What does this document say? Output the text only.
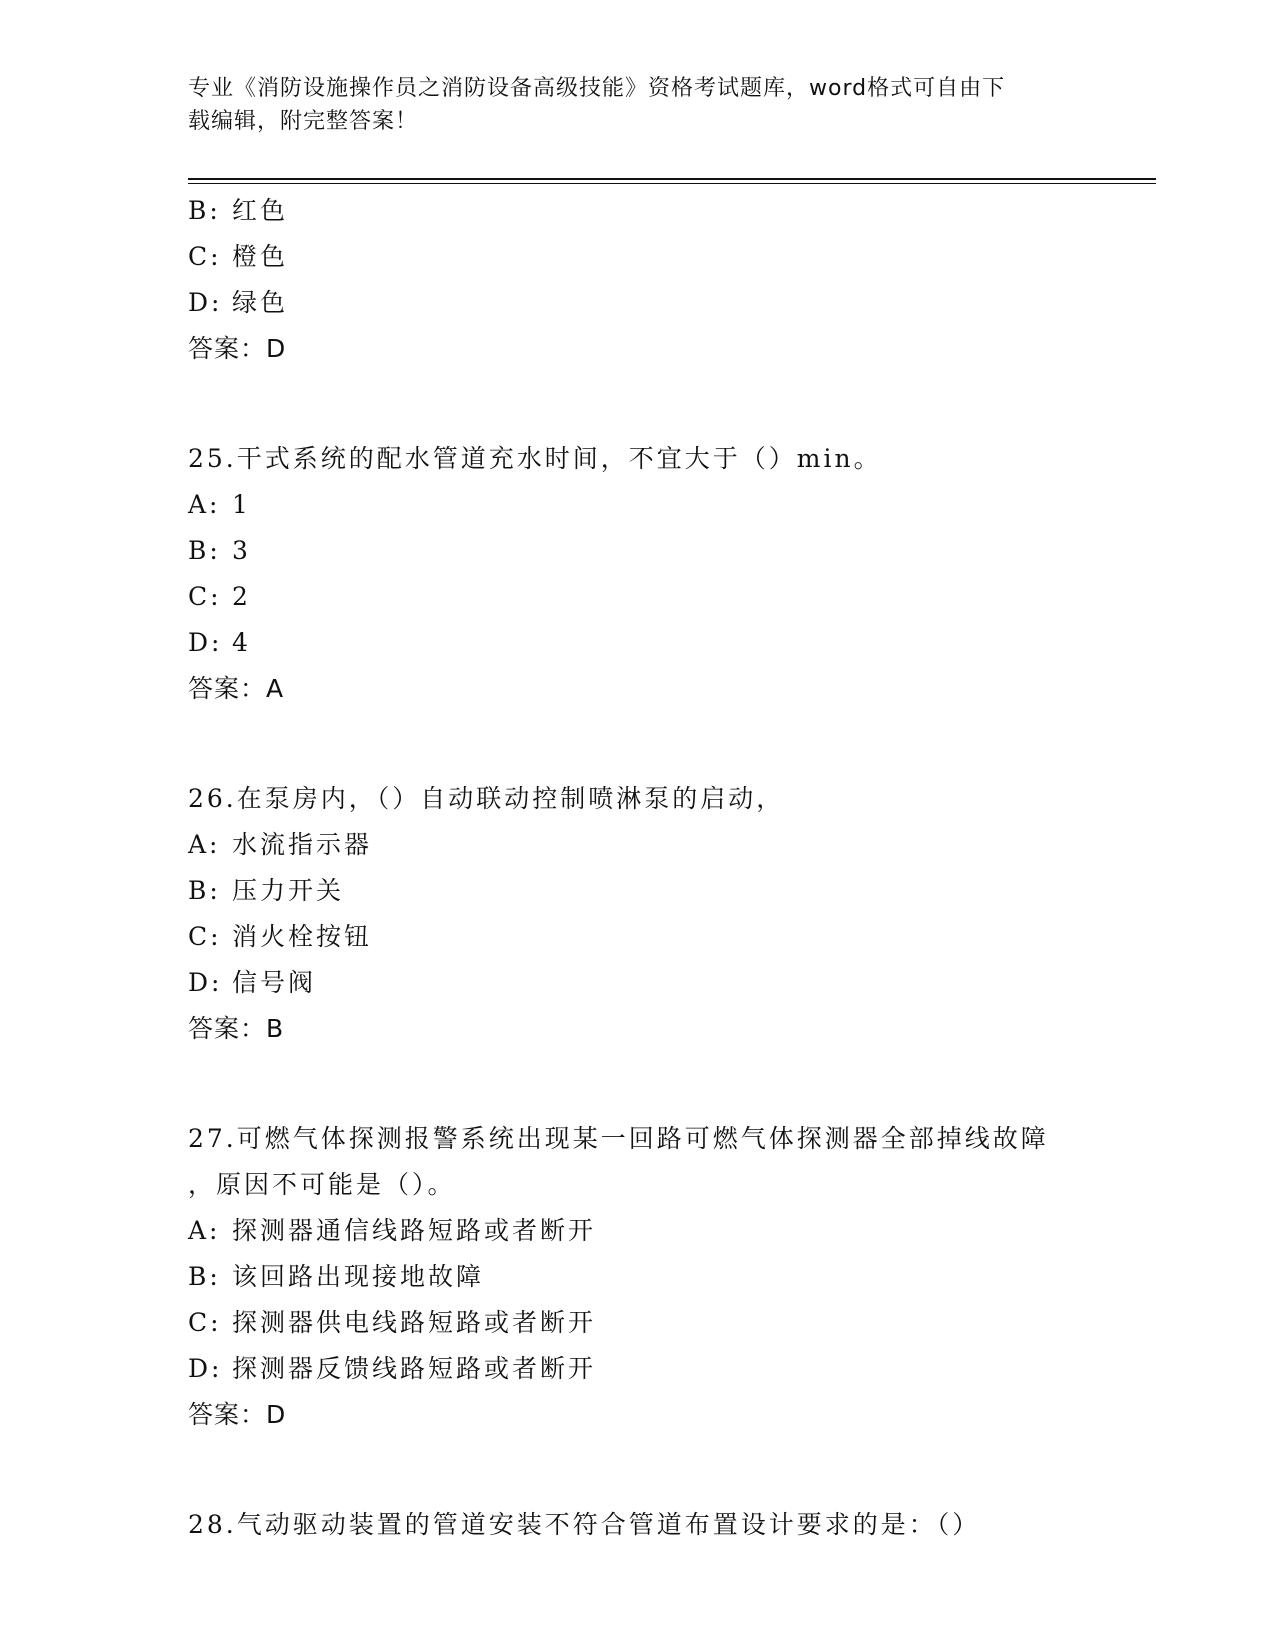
专业《消防设施操作员之消防设备高级技能》资格考试题库，word格式可自由下
载编辑，附完整答案！
B: 红色
C: 橙色
D: 绿色
答案：D
25.干式系统的配水管道充水时间，不宜大于（）min。
A: 1
B: 3
C: 2
D: 4
答案：A
26.在泵房内，（）自动联动控制喷淋泵的启动，
A: 水流指示器
B: 压力开关
C: 消火栓按钮
D: 信号阀
答案：B
27.可燃气体探测报警系统出现某一回路可燃气体探测器全部掉线故障
，原因不可能是（）。
A: 探测器通信线路短路或者断开
B: 该回路出现接地故障
C: 探测器供电线路短路或者断开
D: 探测器反馈线路短路或者断开
答案：D
28.气动驱动装置的管道安装不符合管道布置设计要求的是：（）
